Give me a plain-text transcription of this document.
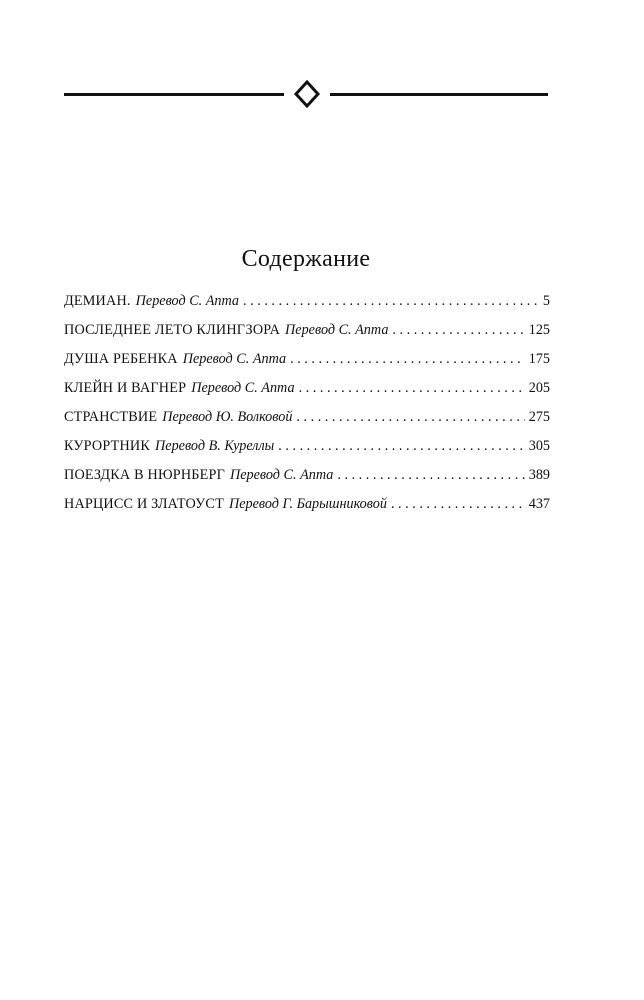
Содержание
ДЕМИАН. Перевод С. Апта . . .	5
ПОСЛЕДНЕЕ ЛЕТО КЛИНГЗОРА Перевод С. Апта . . .	125
ДУША РЕБЕНКА Перевод С. Апта . . .	175
КЛЕЙН И ВАГНЕР Перевод С. Апта . . .	205
СТРАНСТВИЕ Перевод Ю. Волковой . . .	275
КУРОРТНИК Перевод В. Куреллы . . .	305
ПОЕЗДКА В НЮРНБЕРГ Перевод С. Апта . . .	389
НАРЦИСС И ЗЛАТОУСТ Перевод Г. Барышниковой . . .	437
